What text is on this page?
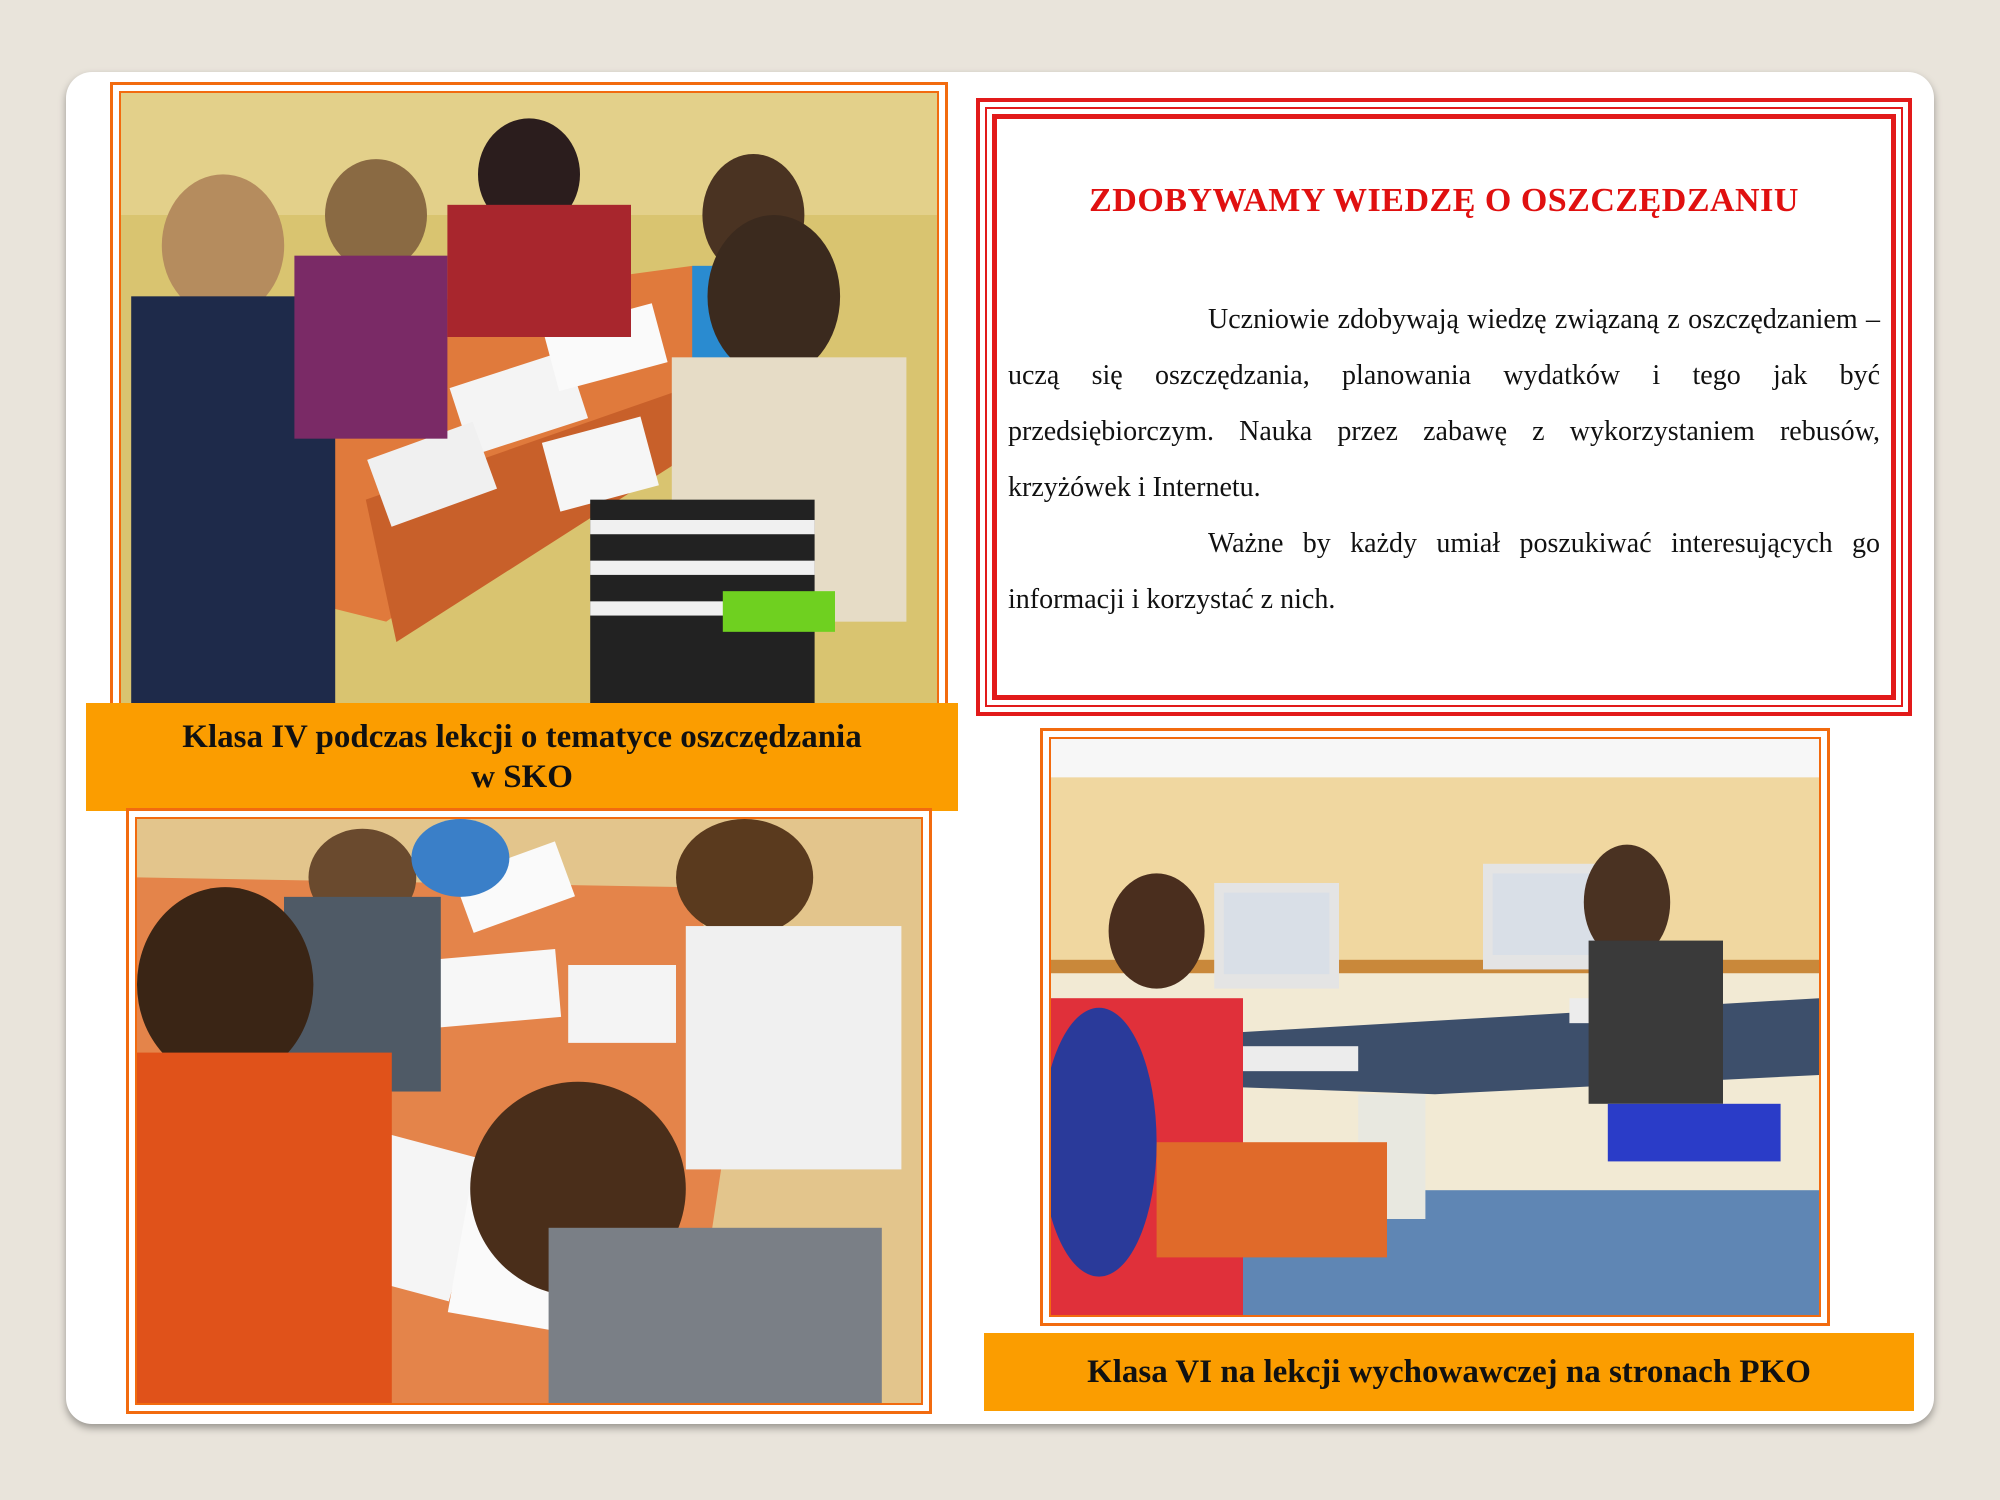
Klasa IV podczas lekcji o tematyce oszczędzania
w SKO
Klasa VI na lekcji wychowawczej na stronach PKO
ZDOBYWAMY WIEDZĘ O OSZCZĘDZANIU

Uczniowie zdobywają wiedzę związaną z oszczędzaniem – uczą się oszczędzania, planowania wydatków i tego jak być przedsiębiorczym. Nauka przez zabawę z wykorzystaniem rebusów, krzyżówek i Internetu.

Ważne by każdy umiał poszukiwać interesujących go informacji i korzystać z nich.
